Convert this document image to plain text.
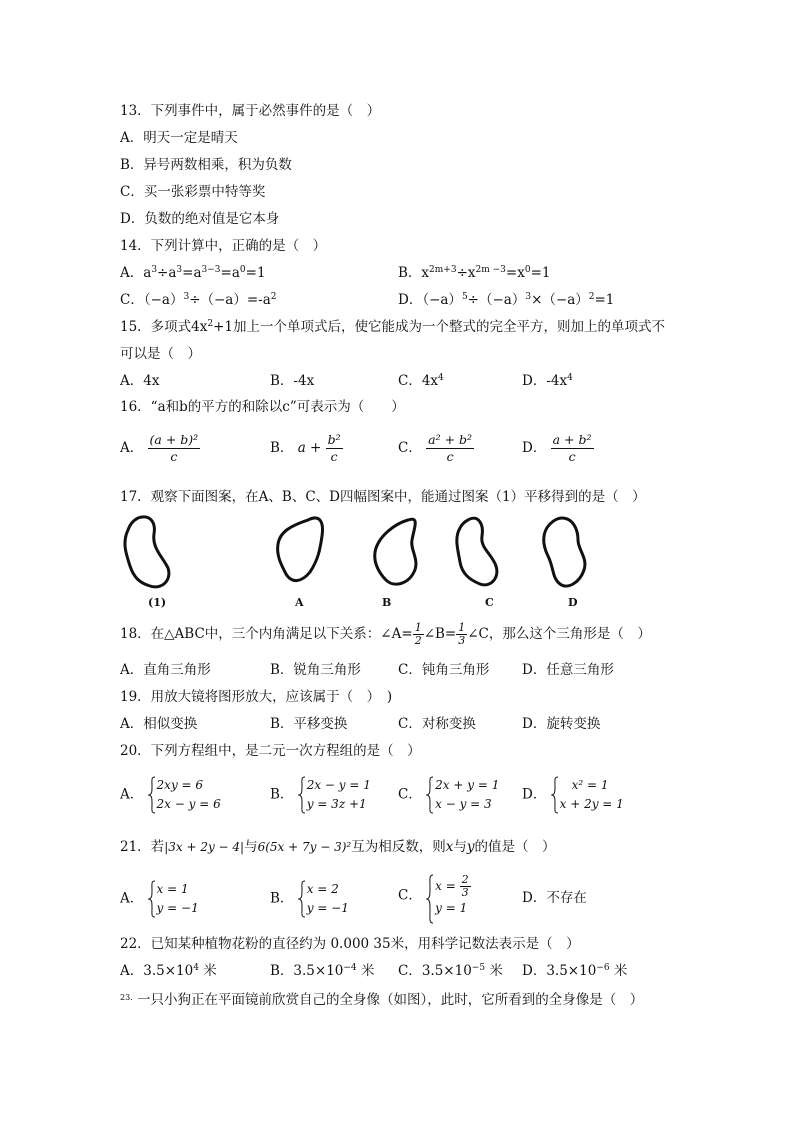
13．下列事件中，属于必然事件的是（　）
A．明天一定是晴天
B．异号两数相乘，积为负数
C．买一张彩票中特等奖
D．负数的绝对值是它本身
14．下列计算中，正确的是（　）
A．$a^3\div a^3=a^{3-3}=a^0=1$	B．$x^{2m+3}\div x^{2m -3}=x^0=1$
C．$(-a)^3\div(-a)=-a^2$	D．$(-a)^5\div(-a)^3\times(-a)^2=1$
15．多项式$4x^2+1$加上一个单项式后，使它能成为一个整式的完全平方，则加上的单项式不
可以是（　）
A．4x	B．-4x	C．$4x^4$	D．$-4x^4$
16．“a和b的平方的和除以c”可表示为（　　）
A． $\frac{\text{(a + b)²}}{c}$	B． $a + \frac{\text{b²}}{c}$	C． $\frac{\text{a² + b²}}{c}$	D． $\frac{\text{a + b²}}{c}$
17．观察下面图案，在A、B、C、D四幅图案中，能通过图案（1）平移得到的是（　）
(1)	A	B	C	D
18．在△ABC中，三个内角满足以下关系：∠A= $\frac{1}{2}$ ∠B= $\frac{1}{3}$ ∠C，那么这个三角形是（　）
A．直角三角形	B．锐角三角形	C．钝角三角形 D．任意三角形
19．用放大镜将图形放大，应该属于（　）　)
A．相似变换	B．平移变换	C．对称变换	D．旋转变换
20．下列方程组中，是二元一次方程组的是（　）
A．
2xy = 6
2x − y = 6
B．
2x − y = 1
y = 3z +1
C．
2x + y = 1
x − y = 3
D．
x² = 1
x + 2y = 1
21．若|3x + 2y − 4|与6(5x + 7y − 3)²互为相反数，则x与y的值是（　）
A．
x = 1
y = −1
B．
x = 2
y = −1
C．
$x = \frac{2}{3}$
y = 1
D．不存在
22．已知某种植物花粉的直径约为 0.000 35米，用科学记数法表示是（　）
A．$3.5\times 10^4$ 米	B．$3.5\times 10^{-4}$ 米 C．$3.5\times 10^{-5}$ 米 D．$3.5\times 10^{-6}$ 米
$^{23.}$ 一只小狗正在平面镜前欣赏自己的全身像（如图），此时，它所看到的全身像是（　）
